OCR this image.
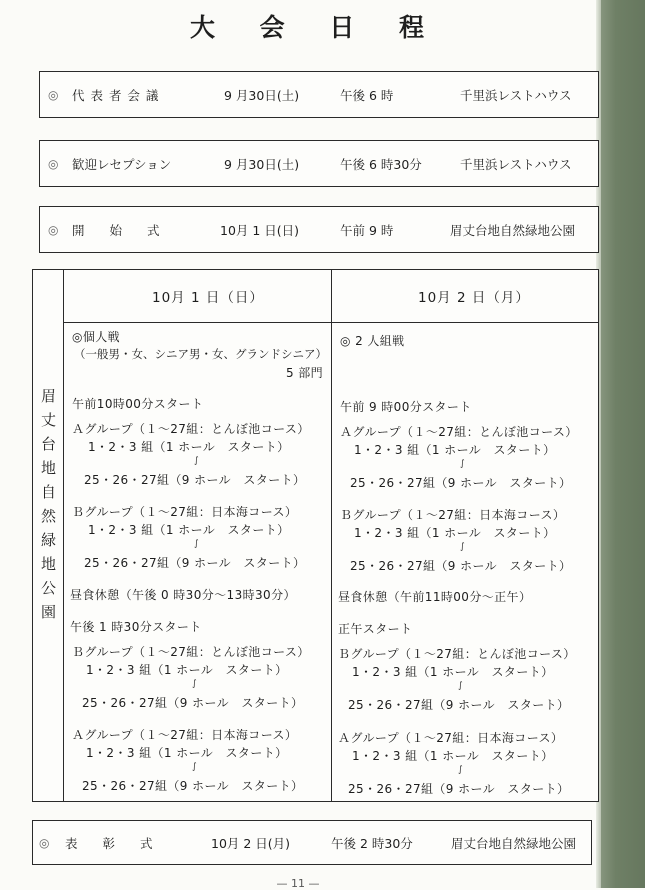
大 会 日 程
◎ 代 表 者 会 議	9 月30日(土)	午後 6 時	千里浜レストハウス
◎ 歓迎レセプション	9 月30日(土)	午後 6 時30分	千里浜レストハウス
◎ 開　　始　　式	10月 1 日(日)	午前 9 時	眉丈台地自然緑地公園
眉丈台地自然緑地公園
10月 1 日（日）
◎個人戦
（一般男・女、シニア男・女、グランドシニア）
5 部門
午前10時00分スタート
Ａグループ（１～27組：とんぼ池コース）
1・2・3 組（1 ホール　スタート）
∫
25・26・27組（9 ホール　スタート）
Ｂグループ（１～27組：日本海コース）
1・2・3 組（1 ホール　スタート）
∫
25・26・27組（9 ホール　スタート）
昼食休憩（午後 0 時30分～13時30分）
午後 1 時30分スタート
Ｂグループ（１～27組：とんぼ池コース）
1・2・3 組（1 ホール　スタート）
∫
25・26・27組（9 ホール　スタート）
Ａグループ（１～27組：日本海コース）
1・2・3 組（1 ホール　スタート）
∫
25・26・27組（9 ホール　スタート）
10月 2 日（月）
◎ 2 人組戦
午前 9 時00分スタート
Ａグループ（１～27組：とんぼ池コース）
1・2・3 組（1 ホール　スタート）
∫
25・26・27組（9 ホール　スタート）
Ｂグループ（１～27組：日本海コース）
1・2・3 組（1 ホール　スタート）
∫
25・26・27組（9 ホール　スタート）
昼食休憩（午前11時00分～正午）
正午スタート
Ｂグループ（１～27組：とんぼ池コース）
1・2・3 組（1 ホール　スタート）
∫
25・26・27組（9 ホール　スタート）
Ａグループ（１～27組：日本海コース）
1・2・3 組（1 ホール　スタート）
∫
25・26・27組（9 ホール　スタート）
◎ 表　　彰　　式	10月 2 日(月)	午後 2 時30分	眉丈台地自然緑地公園
— 11 —
